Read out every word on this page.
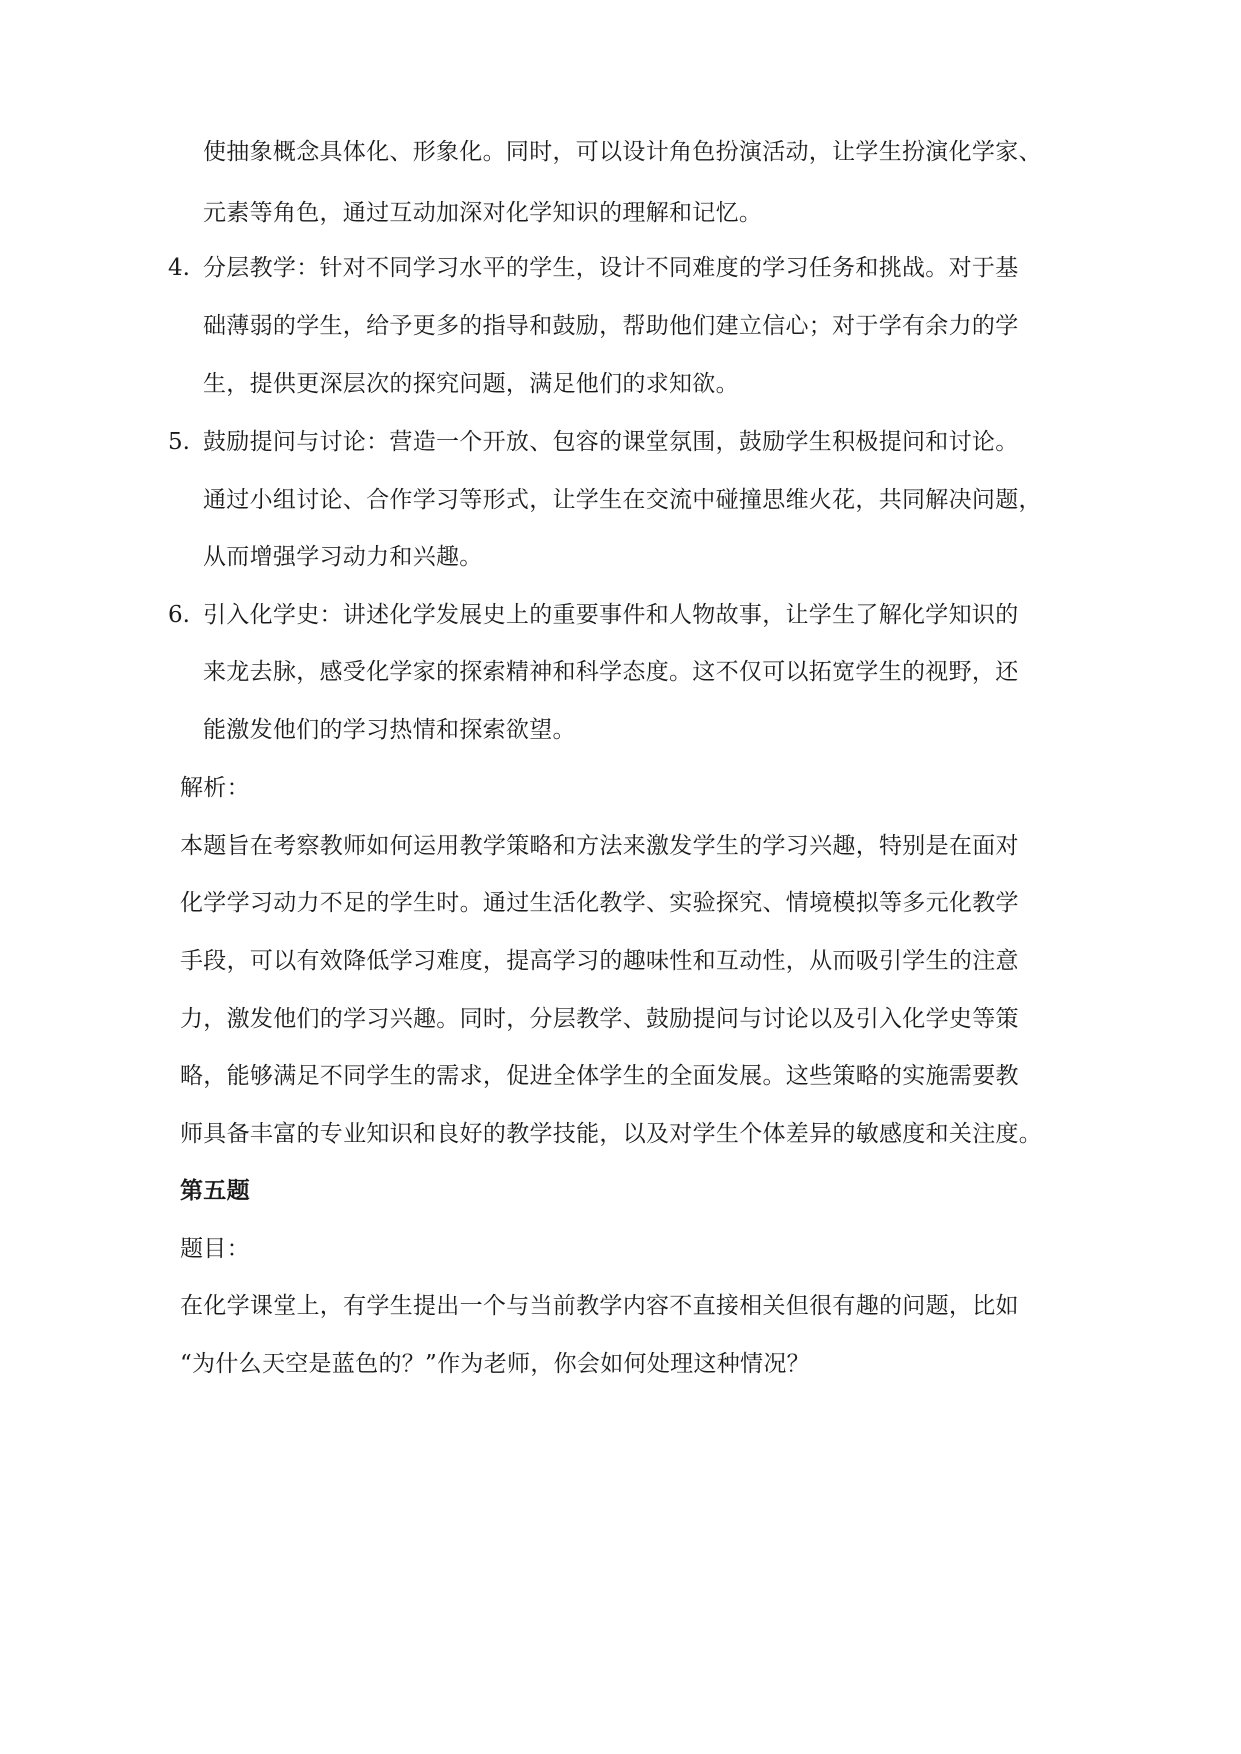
使抽象概念具体化、形象化。同时，可以设计角色扮演活动，让学生扮演化学家、
元素等角色，通过互动加深对化学知识的理解和记忆。
4. 分层教学：针对不同学习水平的学生，设计不同难度的学习任务和挑战。对于基
础薄弱的学生，给予更多的指导和鼓励，帮助他们建立信心；对于学有余力的学
生，提供更深层次的探究问题，满足他们的求知欲。
5. 鼓励提问与讨论：营造一个开放、包容的课堂氛围，鼓励学生积极提问和讨论。
通过小组讨论、合作学习等形式，让学生在交流中碰撞思维火花，共同解决问题，
从而增强学习动力和兴趣。
6. 引入化学史：讲述化学发展史上的重要事件和人物故事，让学生了解化学知识的
来龙去脉，感受化学家的探索精神和科学态度。这不仅可以拓宽学生的视野，还
能激发他们的学习热情和探索欲望。
解析：
本题旨在考察教师如何运用教学策略和方法来激发学生的学习兴趣，特别是在面对
化学学习动力不足的学生时。通过生活化教学、实验探究、情境模拟等多元化教学
手段，可以有效降低学习难度，提高学习的趣味性和互动性，从而吸引学生的注意
力，激发他们的学习兴趣。同时，分层教学、鼓励提问与讨论以及引入化学史等策
略，能够满足不同学生的需求，促进全体学生的全面发展。这些策略的实施需要教
师具备丰富的专业知识和良好的教学技能，以及对学生个体差异的敏感度和关注度。
第五题
题目：
在化学课堂上，有学生提出一个与当前教学内容不直接相关但很有趣的问题，比如
“为什么天空是蓝色的？”作为老师，你会如何处理这种情况？
